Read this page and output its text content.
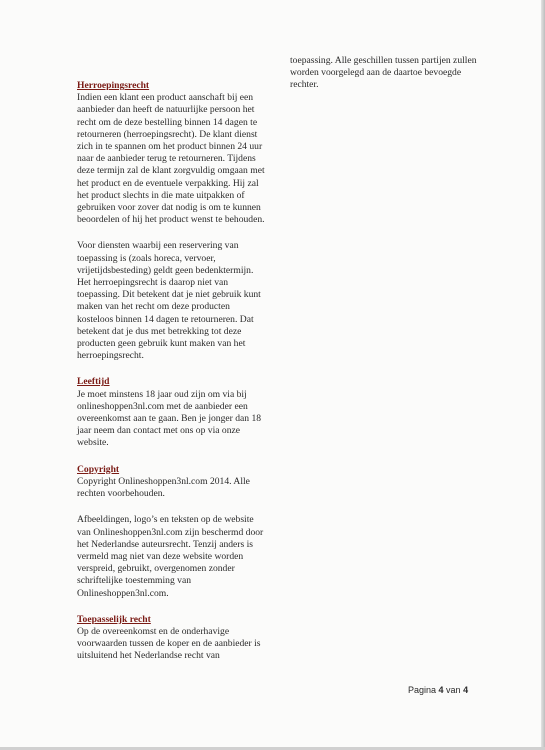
Herroepingsrecht
Indien een klant een product aanschaft bij een aanbieder dan heeft de natuurlijke persoon het recht om de deze bestelling binnen 14 dagen te retourneren (herroepingsrecht). De klant dienst zich in te spannen om het product binnen 24 uur naar de aanbieder terug te retourneren. Tijdens deze termijn zal de klant zorgvuldig omgaan met het product en de eventuele verpakking. Hij zal het product slechts in die mate uitpakken of gebruiken voor zover dat nodig is om te kunnen beoordelen of hij het product wenst te behouden.
Voor diensten waarbij een reservering van toepassing is (zoals horeca, vervoer, vrijetijdsbesteding) geldt geen bedenktermijn. Het herroepingsrecht is daarop niet van toepassing. Dit betekent dat je niet gebruik kunt maken van het recht om deze producten kosteloos binnen 14 dagen te retourneren. Dat betekent dat je dus met betrekking tot deze producten geen gebruik kunt maken van het herroepingsrecht.
Leeftijd
Je moet minstens 18 jaar oud zijn om via bij onlineshoppen3nl.com met de aanbieder een overeenkomst aan te gaan. Ben je jonger dan 18 jaar neem dan contact met ons op via onze website.
Copyright
Copyright Onlineshoppen3nl.com 2014. Alle rechten voorbehouden.
Afbeeldingen, logo’s en teksten op de website van Onlineshoppen3nl.com zijn beschermd door het Nederlandse auteursrecht. Tenzij anders is vermeld mag niet van deze website worden verspreid, gebruikt, overgenomen zonder schriftelijke toestemming van Onlineshoppen3nl.com.
Toepasselijk recht
Op de overeenkomst en de onderhavige voorwaarden tussen de koper en de aanbieder is uitsluitend het Nederlandse recht van
toepassing. Alle geschillen tussen partijen zullen worden voorgelegd aan de daartoe bevoegde rechter.
Pagina 4 van 4
